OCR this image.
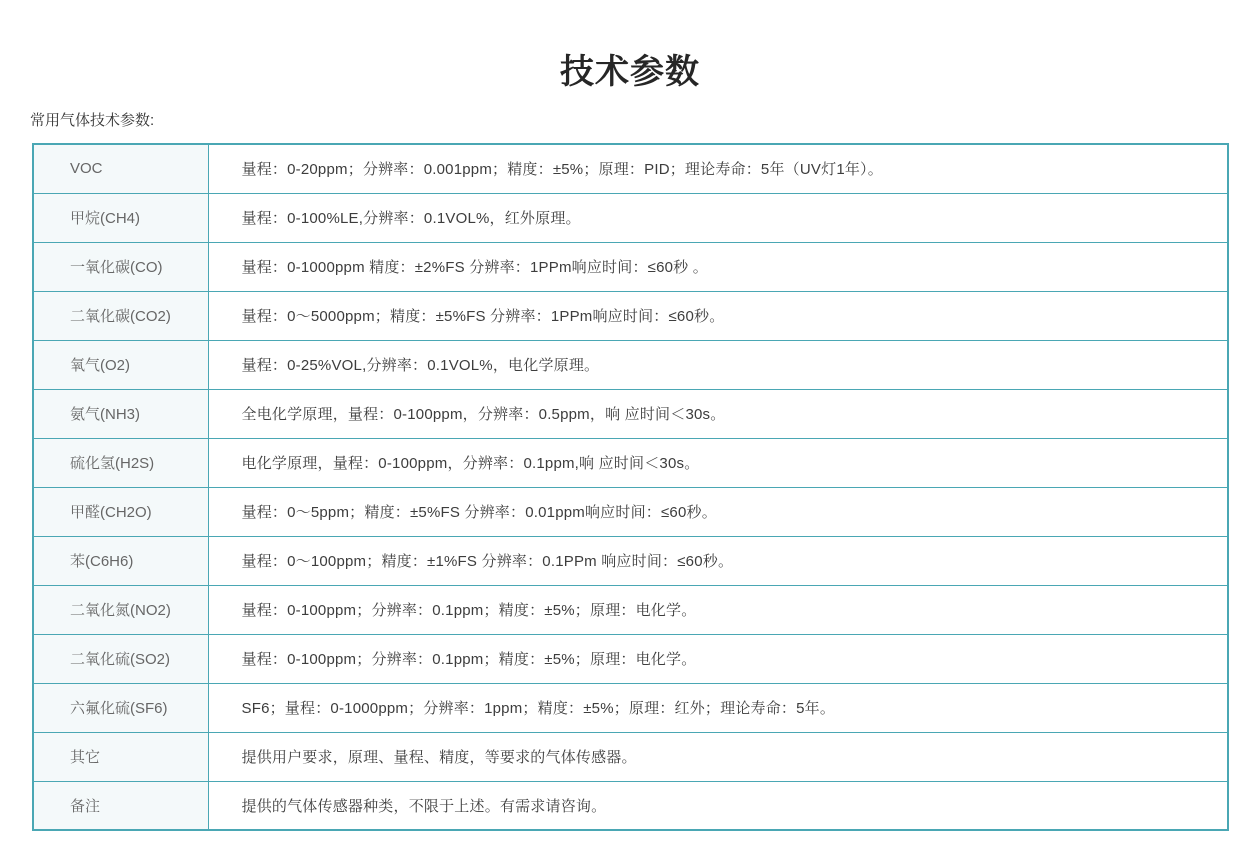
技术参数

常用气体技术参数:

VOC	量程：0-20ppm；分辨率：0.001ppm；精度：±5%；原理：PID；理论寿命：5年（UV灯1年）。
甲烷(CH4)	量程：0-100%LE,分辨率：0.1VOL%，红外原理。
一氧化碳(CO)	量程：0-1000ppm 精度：±2%FS 分辨率：1PPm响应时间：≤60秒 。
二氧化碳(CO2)	量程：0～5000ppm；精度：±5%FS 分辨率：1PPm响应时间：≤60秒。
氧气(O2)	量程：0-25%VOL,分辨率：0.1VOL%，电化学原理。
氨气(NH3)	全电化学原理，量程：0-100ppm，分辨率：0.5ppm，响 应时间＜30s。
硫化氢(H2S)	电化学原理，量程：0-100ppm，分辨率：0.1ppm,响 应时间＜30s。
甲醛(CH2O)	量程：0～5ppm；精度：±5%FS 分辨率：0.01ppm响应时间：≤60秒。
苯(C6H6)	量程：0～100ppm；精度：±1%FS 分辨率：0.1PPm 响应时间：≤60秒。
二氧化氮(NO2)	量程：0-100ppm；分辨率：0.1ppm；精度：±5%；原理：电化学。
二氧化硫(SO2)	量程：0-100ppm；分辨率：0.1ppm；精度：±5%；原理：电化学。
六氟化硫(SF6)	SF6；量程：0-1000ppm；分辨率：1ppm；精度：±5%；原理：红外；理论寿命：5年。
其它	提供用户要求，原理、量程、精度，等要求的气体传感器。
备注	提供的气体传感器种类，不限于上述。有需求请咨询。
